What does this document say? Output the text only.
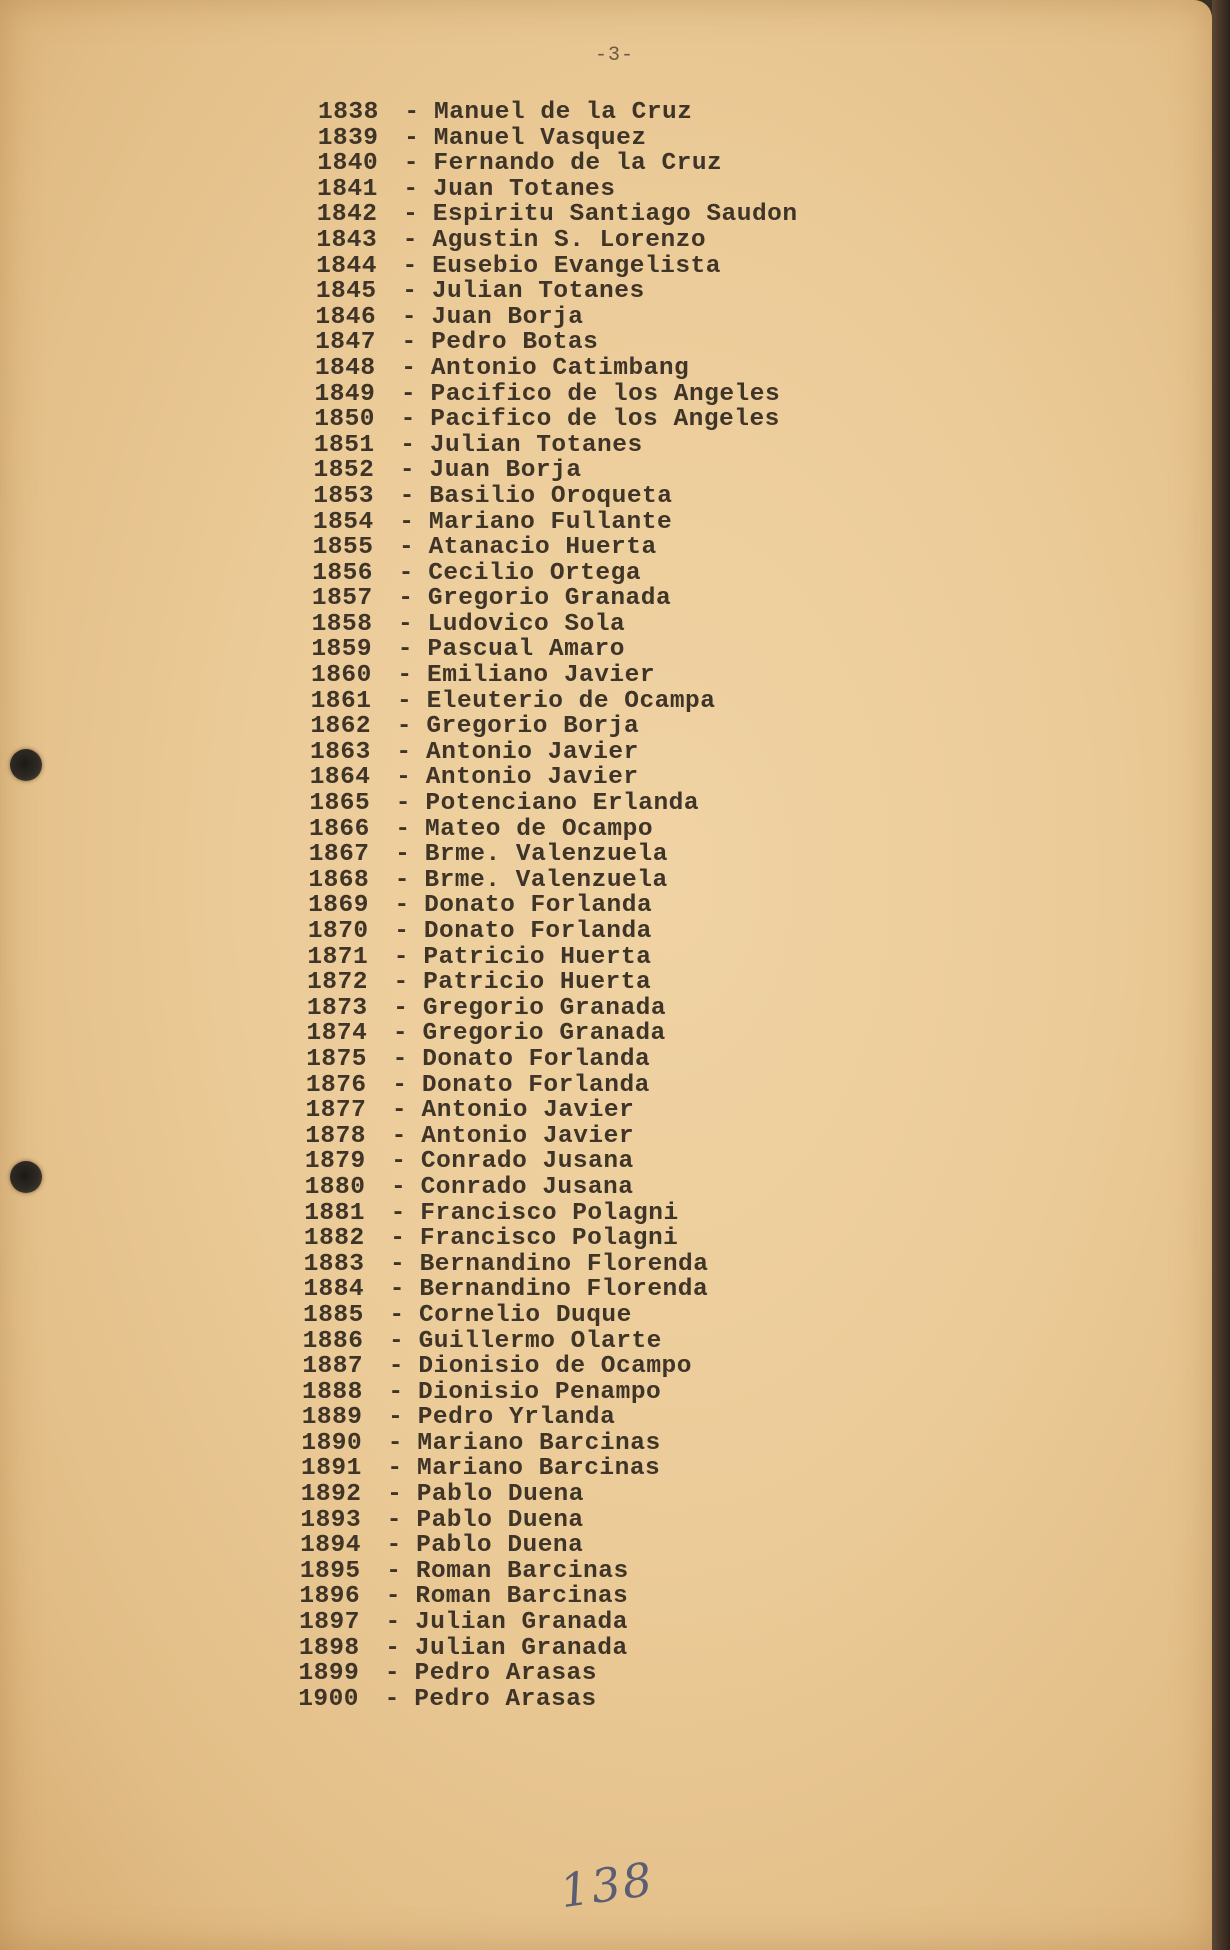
-3-
1838	- Manuel de la Cruz
1839	- Manuel Vasquez
1840	- Fernando de la Cruz
1841	- Juan Totanes
1842	- Espiritu Santiago Saudon
1843	- Agustin S. Lorenzo
1844	- Eusebio Evangelista
1845	- Julian Totanes
1846	- Juan Borja
1847	- Pedro Botas
1848	- Antonio Catimbang
1849	- Pacifico de los Angeles
1850	- Pacifico de los Angeles
1851	- Julian Totanes
1852	- Juan Borja
1853	- Basilio Oroqueta
1854	- Mariano Fullante
1855	- Atanacio Huerta
1856	- Cecilio Ortega
1857	- Gregorio Granada
1858	- Ludovico Sola
1859	- Pascual Amaro
1860	- Emiliano Javier
1861	- Eleuterio de Ocampa
1862	- Gregorio Borja
1863	- Antonio Javier
1864	- Antonio Javier
1865	- Potenciano Erlanda
1866	- Mateo de Ocampo
1867	- Brme. Valenzuela
1868	- Brme. Valenzuela
1869	- Donato Forlanda
1870	- Donato Forlanda
1871	- Patricio Huerta
1872	- Patricio Huerta
1873	- Gregorio Granada
1874	- Gregorio Granada
1875	- Donato Forlanda
1876	- Donato Forlanda
1877	- Antonio Javier
1878	- Antonio Javier
1879	- Conrado Jusana
1880	- Conrado Jusana
1881	- Francisco Polagni
1882	- Francisco Polagni
1883	- Bernandino Florenda
1884	- Bernandino Florenda
1885	- Cornelio Duque
1886	- Guillermo Olarte
1887	- Dionisio de Ocampo
1888	- Dionisio Penampo
1889	- Pedro Yrlanda
1890	- Mariano Barcinas
1891	- Mariano Barcinas
1892	- Pablo Duena
1893	- Pablo Duena
1894	- Pablo Duena
1895	- Roman Barcinas
1896	- Roman Barcinas
1897	- Julian Granada
1898	- Julian Granada
1899	- Pedro Arasas
1900	- Pedro Arasas
138
